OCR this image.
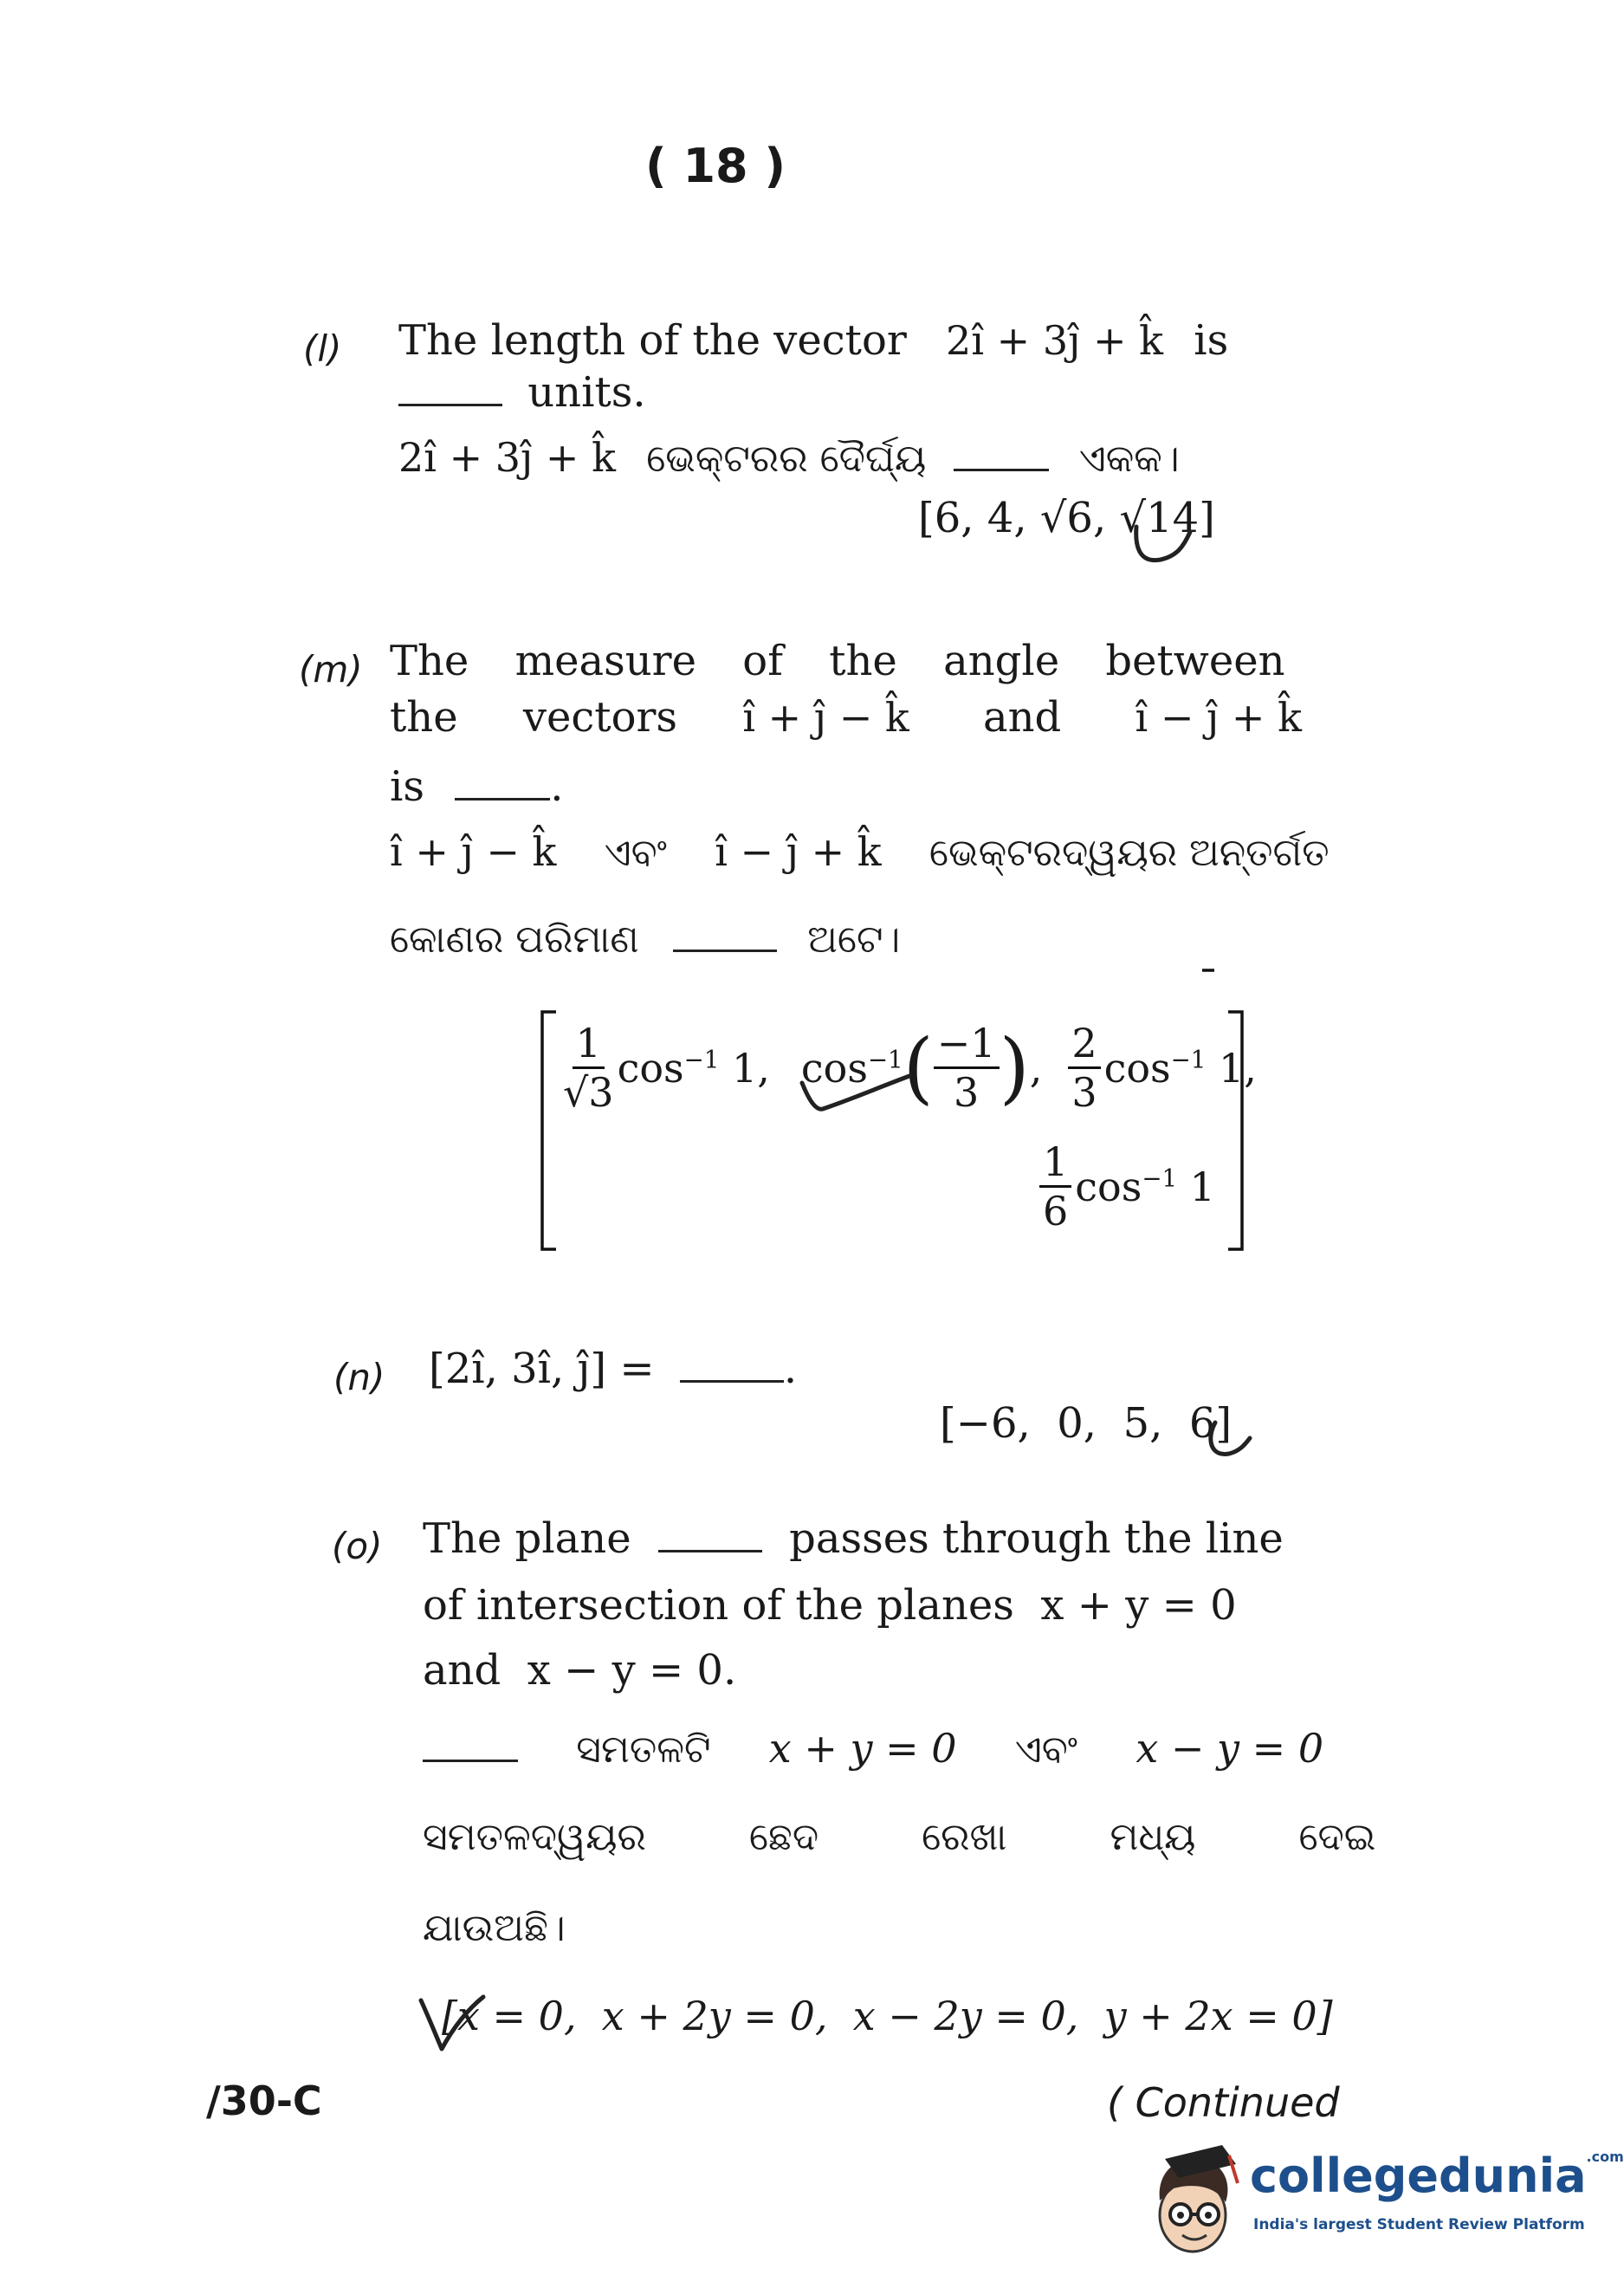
( 18 )
(l) The length of the vector 2î + 3ĵ + k̂ is
units.
2î + 3ĵ + k̂ ଭେକ୍ଟରର ଦୈର୍ଘ୍ୟ	ଏକକ।
[6, 4, √6, √14]
(m) The measure of the angle between
the vectors î + ĵ − k̂ and î − ĵ + k̂
is	.
î + ĵ − k̂ ଏବଂ î − ĵ + k̂ ଭେକ୍ଟରଦ୍ୱୟର ଅନ୍ତର୍ଗତ
କୋଣର ପରିମାଣ	ଅଟେ।
$\frac{1}{√3} \cos^{-1} 1$, $\cos^{-1}$ ( $\frac{-1}{3}$ ) , $\frac{2}{3} \cos^{-1} 1$,
$\frac{1}{6} \cos^{-1} 1$
(n) [2î, 3î, ĵ] =	.
[−6,  0,  5,  6]
(o) The plane	passes through the line
of intersection of the planes  x + y = 0
and  x − y = 0.
ସମତଳଟି x + y = 0 ଏବଂ x − y = 0
ସମତଳଦ୍ୱୟର	ଛେଦ	ରେଖା	ମଧ୍ୟ	ଦେଇ
ଯାଉଅଛି।
[x = 0,  x + 2y = 0,  x − 2y = 0,  y + 2x = 0]
/30-C	( Continued
collegedunia$^{.com}$
India's largest Student Review Platform
